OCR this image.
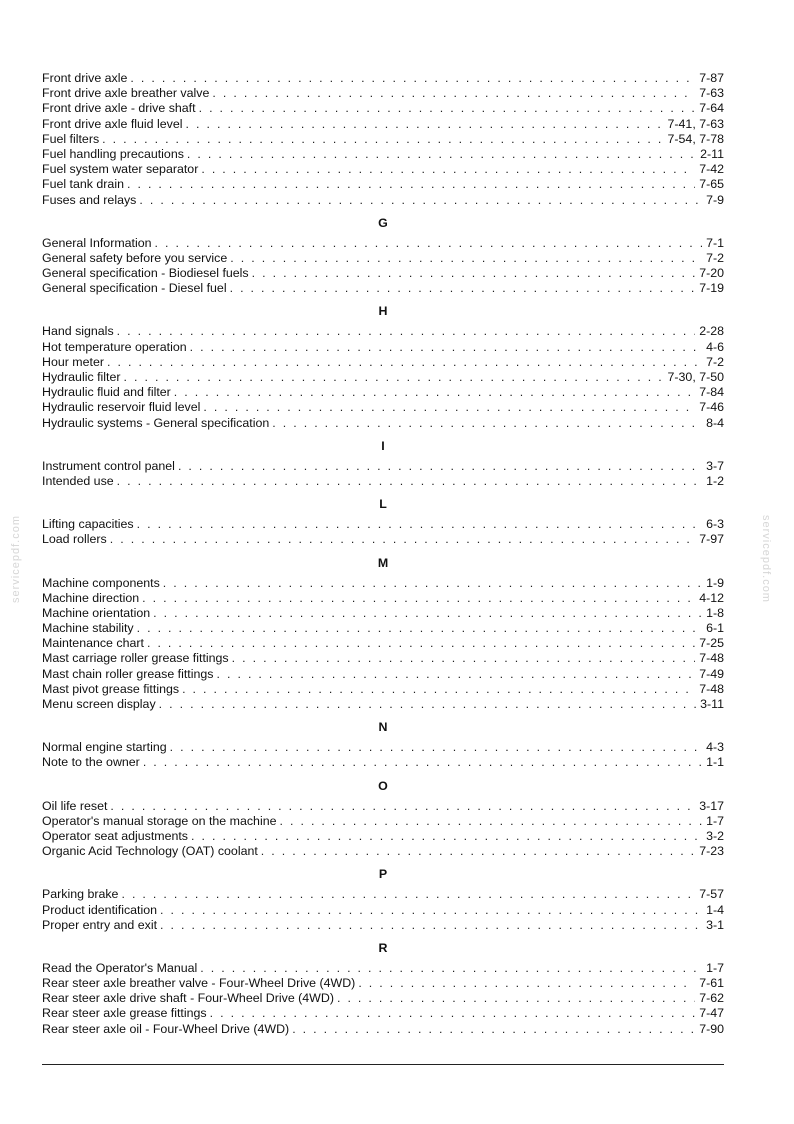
servicepdf.com	servicepdf.com
Front drive axle . . .	7-87
Front drive axle breather valve . . .	7-63
Front drive axle - drive shaft . . .	7-64
Front drive axle fluid level . . .	7-41, 7-63
Fuel filters . . .	7-54, 7-78
Fuel handling precautions . . .	2-11
Fuel system water separator . . .	7-42
Fuel tank drain . . .	7-65
Fuses and relays . . .	7-9
G
General Information . . .	7-1
General safety before you service . . .	7-2
General specification - Biodiesel fuels . . .	7-20
General specification - Diesel fuel . . .	7-19
H
Hand signals . . .	2-28
Hot temperature operation . . .	4-6
Hour meter . . .	7-2
Hydraulic filter . . .	7-30, 7-50
Hydraulic fluid and filter . . .	7-84
Hydraulic reservoir fluid level . . .	7-46
Hydraulic systems - General specification . . .	8-4
I
Instrument control panel . . .	3-7
Intended use . . .	1-2
L
Lifting capacities . . .	6-3
Load rollers . . .	7-97
M
Machine components . . .	1-9
Machine direction . . .	4-12
Machine orientation . . .	1-8
Machine stability . . .	6-1
Maintenance chart . . .	7-25
Mast carriage roller grease fittings . . .	7-48
Mast chain roller grease fittings . . .	7-49
Mast pivot grease fittings . . .	7-48
Menu screen display . . .	3-11
N
Normal engine starting . . .	4-3
Note to the owner . . .	1-1
O
Oil life reset . . .	3-17
Operator's manual storage on the machine . . .	1-7
Operator seat adjustments . . .	3-2
Organic Acid Technology (OAT) coolant . . .	7-23
P
Parking brake . . .	7-57
Product identification . . .	1-4
Proper entry and exit . . .	3-1
R
Read the Operator's Manual . . .	1-7
Rear steer axle breather valve - Four-Wheel Drive (4WD) . . .	7-61
Rear steer axle drive shaft - Four-Wheel Drive (4WD) . . .	7-62
Rear steer axle grease fittings . . .	7-47
Rear steer axle oil - Four-Wheel Drive (4WD) . . .	7-90
